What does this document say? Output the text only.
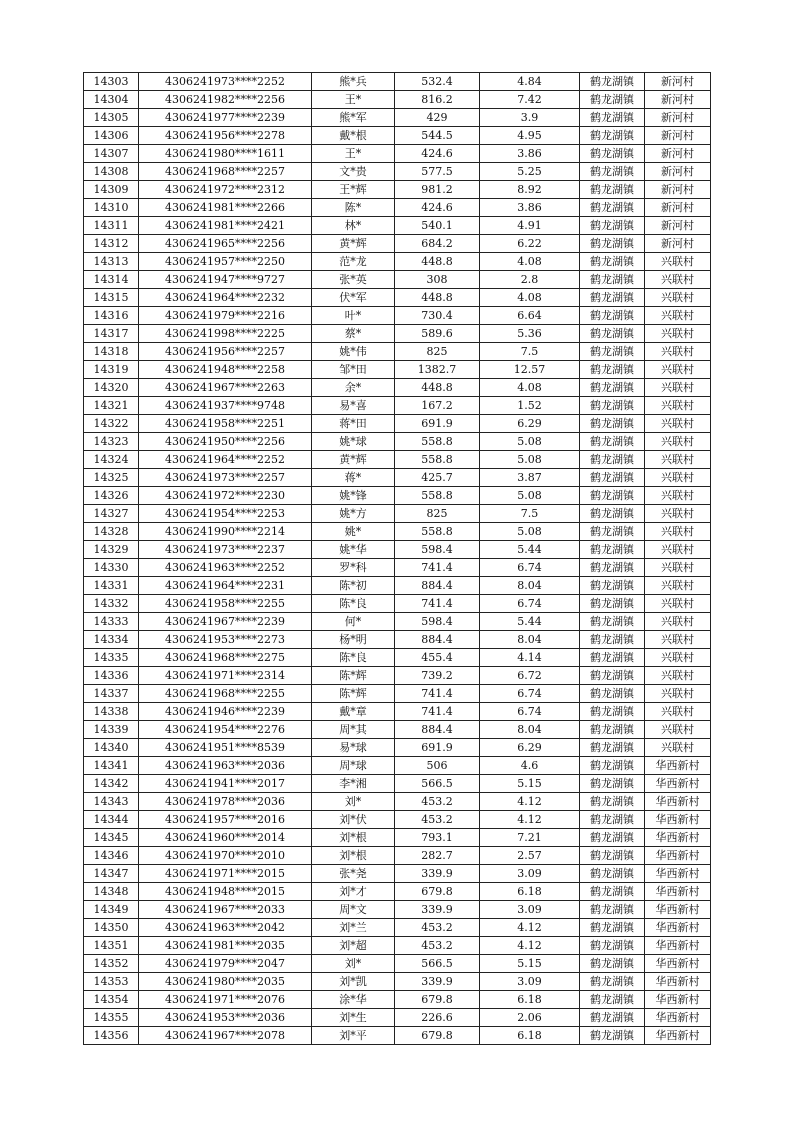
14303	4306241973****2252	熊*兵	532.4	4.84	鹤龙湖镇	新河村
14304	4306241982****2256	王*	816.2	7.42	鹤龙湖镇	新河村
14305	4306241977****2239	熊*军	429	3.9	鹤龙湖镇	新河村
14306	4306241956****2278	戴*根	544.5	4.95	鹤龙湖镇	新河村
14307	4306241980****1611	王*	424.6	3.86	鹤龙湖镇	新河村
14308	4306241968****2257	文*贵	577.5	5.25	鹤龙湖镇	新河村
14309	4306241972****2312	王*辉	981.2	8.92	鹤龙湖镇	新河村
14310	4306241981****2266	陈*	424.6	3.86	鹤龙湖镇	新河村
14311	4306241981****2421	林*	540.1	4.91	鹤龙湖镇	新河村
14312	4306241965****2256	黄*辉	684.2	6.22	鹤龙湖镇	新河村
14313	4306241957****2250	范*龙	448.8	4.08	鹤龙湖镇	兴联村
14314	4306241947****9727	张*英	308	2.8	鹤龙湖镇	兴联村
14315	4306241964****2232	伏*军	448.8	4.08	鹤龙湖镇	兴联村
14316	4306241979****2216	叶*	730.4	6.64	鹤龙湖镇	兴联村
14317	4306241998****2225	蔡*	589.6	5.36	鹤龙湖镇	兴联村
14318	4306241956****2257	姚*伟	825	7.5	鹤龙湖镇	兴联村
14319	4306241948****2258	邹*田	1382.7	12.57	鹤龙湖镇	兴联村
14320	4306241967****2263	余*	448.8	4.08	鹤龙湖镇	兴联村
14321	4306241937****9748	易*喜	167.2	1.52	鹤龙湖镇	兴联村
14322	4306241958****2251	蒋*田	691.9	6.29	鹤龙湖镇	兴联村
14323	4306241950****2256	姚*球	558.8	5.08	鹤龙湖镇	兴联村
14324	4306241964****2252	黄*辉	558.8	5.08	鹤龙湖镇	兴联村
14325	4306241973****2257	蒋*	425.7	3.87	鹤龙湖镇	兴联村
14326	4306241972****2230	姚*锋	558.8	5.08	鹤龙湖镇	兴联村
14327	4306241954****2253	姚*方	825	7.5	鹤龙湖镇	兴联村
14328	4306241990****2214	姚*	558.8	5.08	鹤龙湖镇	兴联村
14329	4306241973****2237	姚*华	598.4	5.44	鹤龙湖镇	兴联村
14330	4306241963****2252	罗*科	741.4	6.74	鹤龙湖镇	兴联村
14331	4306241964****2231	陈*初	884.4	8.04	鹤龙湖镇	兴联村
14332	4306241958****2255	陈*良	741.4	6.74	鹤龙湖镇	兴联村
14333	4306241967****2239	何*	598.4	5.44	鹤龙湖镇	兴联村
14334	4306241953****2273	杨*明	884.4	8.04	鹤龙湖镇	兴联村
14335	4306241968****2275	陈*良	455.4	4.14	鹤龙湖镇	兴联村
14336	4306241971****2314	陈*辉	739.2	6.72	鹤龙湖镇	兴联村
14337	4306241968****2255	陈*辉	741.4	6.74	鹤龙湖镇	兴联村
14338	4306241946****2239	戴*章	741.4	6.74	鹤龙湖镇	兴联村
14339	4306241954****2276	周*其	884.4	8.04	鹤龙湖镇	兴联村
14340	4306241951****8539	易*球	691.9	6.29	鹤龙湖镇	兴联村
14341	4306241963****2036	周*球	506	4.6	鹤龙湖镇	华西新村
14342	4306241941****2017	李*湘	566.5	5.15	鹤龙湖镇	华西新村
14343	4306241978****2036	刘*	453.2	4.12	鹤龙湖镇	华西新村
14344	4306241957****2016	刘*伏	453.2	4.12	鹤龙湖镇	华西新村
14345	4306241960****2014	刘*根	793.1	7.21	鹤龙湖镇	华西新村
14346	4306241970****2010	刘*根	282.7	2.57	鹤龙湖镇	华西新村
14347	4306241971****2015	张*尧	339.9	3.09	鹤龙湖镇	华西新村
14348	4306241948****2015	刘*才	679.8	6.18	鹤龙湖镇	华西新村
14349	4306241967****2033	周*文	339.9	3.09	鹤龙湖镇	华西新村
14350	4306241963****2042	刘*兰	453.2	4.12	鹤龙湖镇	华西新村
14351	4306241981****2035	刘*超	453.2	4.12	鹤龙湖镇	华西新村
14352	4306241979****2047	刘*	566.5	5.15	鹤龙湖镇	华西新村
14353	4306241980****2035	刘*凯	339.9	3.09	鹤龙湖镇	华西新村
14354	4306241971****2076	涂*华	679.8	6.18	鹤龙湖镇	华西新村
14355	4306241953****2036	刘*生	226.6	2.06	鹤龙湖镇	华西新村
14356	4306241967****2078	刘*平	679.8	6.18	鹤龙湖镇	华西新村
